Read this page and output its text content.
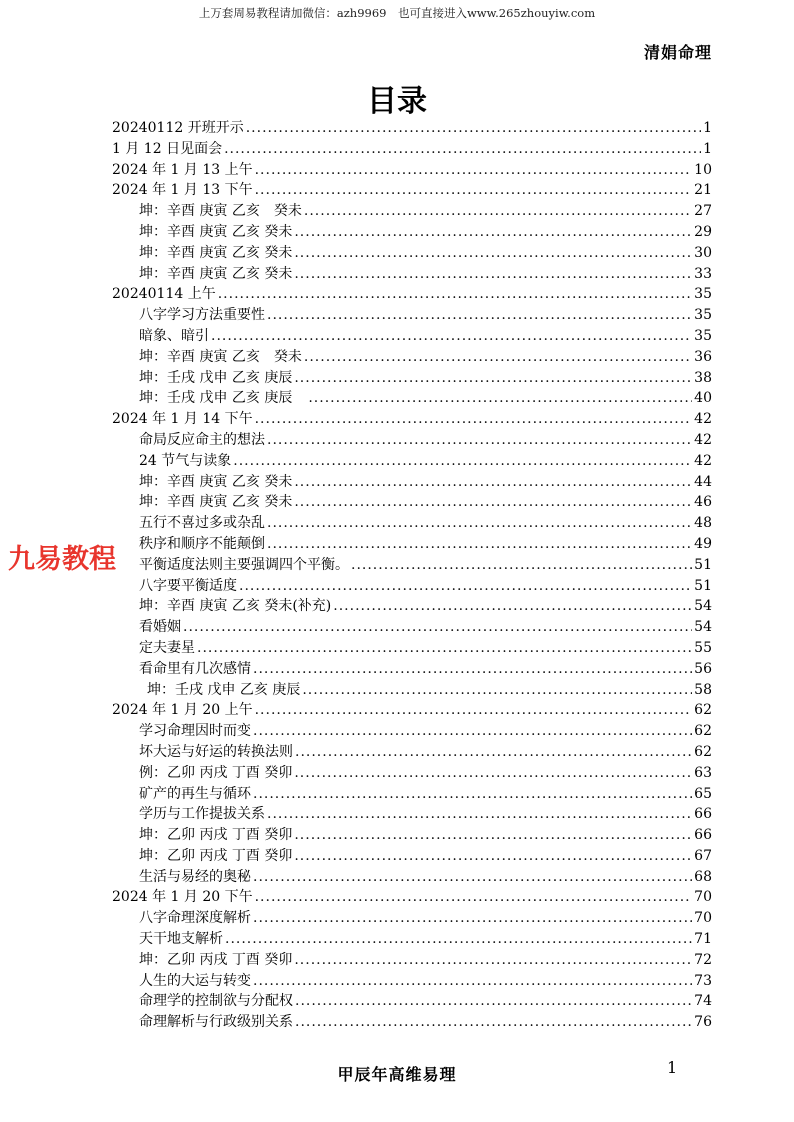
上万套周易教程请加微信：azh9969　也可直接进入www.265zhouyiw.com
清娟命理
目录
20240112 开班开示 .....	1
1 月 12 日见面会 .....	1
2024 年 1 月 13 上午 .....	10
2024 年 1 月 13 下午 .....	21
坤：辛酉 庚寅 乙亥　癸未 .....	27
坤：辛酉 庚寅 乙亥 癸未 .....	29
坤：辛酉 庚寅 乙亥 癸未 .....	30
坤：辛酉 庚寅 乙亥 癸未 .....	33
20240114 上午 .....	35
八字学习方法重要性 .....	35
暗象、暗引 .....	35
坤：辛酉 庚寅 乙亥　癸未 .....	36
坤：壬戌 戊申 乙亥 庚辰 .....	38
坤：壬戌 戊申 乙亥 庚辰　 .....	40
2024 年 1 月 14 下午 .....	42
命局反应命主的想法 .....	42
24 节气与读象 .....	42
坤：辛酉 庚寅 乙亥 癸未 .....	44
坤：辛酉 庚寅 乙亥 癸未 .....	46
五行不喜过多或杂乱 .....	48
秩序和顺序不能颠倒 .....	49
平衡适度法则主要强调四个平衡。 .....	51
八字要平衡适度 .....	51
坤：辛酉 庚寅 乙亥 癸未(补充) .....	54
看婚姻 .....	54
定夫妻星 .....	55
看命里有几次感情 .....	56
坤：壬戌 戊申 乙亥 庚辰 .....	58
2024 年 1 月 20 上午 .....	62
学习命理因时而变 .....	62
坏大运与好运的转换法则 .....	62
例：乙卯 丙戌 丁酉 癸卯 .....	63
矿产的再生与循环 .....	65
学历与工作提拔关系 .....	66
坤：乙卯 丙戌 丁酉 癸卯 .....	66
坤：乙卯 丙戌 丁酉 癸卯 .....	67
生活与易经的奥秘 .....	68
2024 年 1 月 20 下午 .....	70
八字命理深度解析 .....	70
天干地支解析 .....	71
坤：乙卯 丙戌 丁酉 癸卯 .....	72
人生的大运与转变 .....	73
命理学的控制欲与分配权 .....	74
命理解析与行政级别关系 .....	76
九易教程
甲辰年高维易理	1
